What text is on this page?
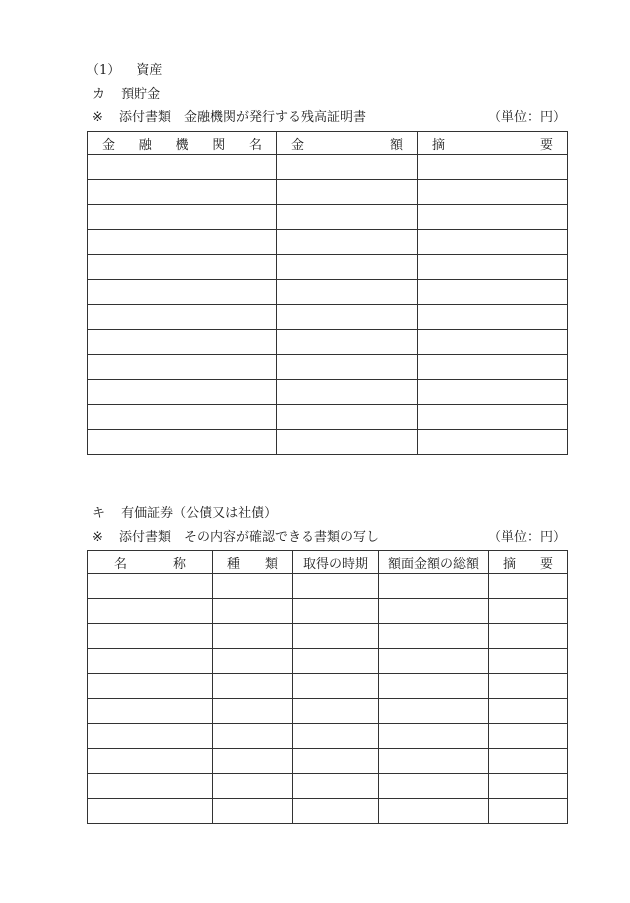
（1） 資産
カ 預貯金
※ 添付書類　金融機関が発行する残高証明書	（単位：円）
金 融 機 関 名	金 額	摘 要

キ 有価証券（公債又は社債）
※ 添付書類　その内容が確認できる書類の写し	（単位：円）
名 称	種 類	取得の時期	額面金額の総額	摘 要
